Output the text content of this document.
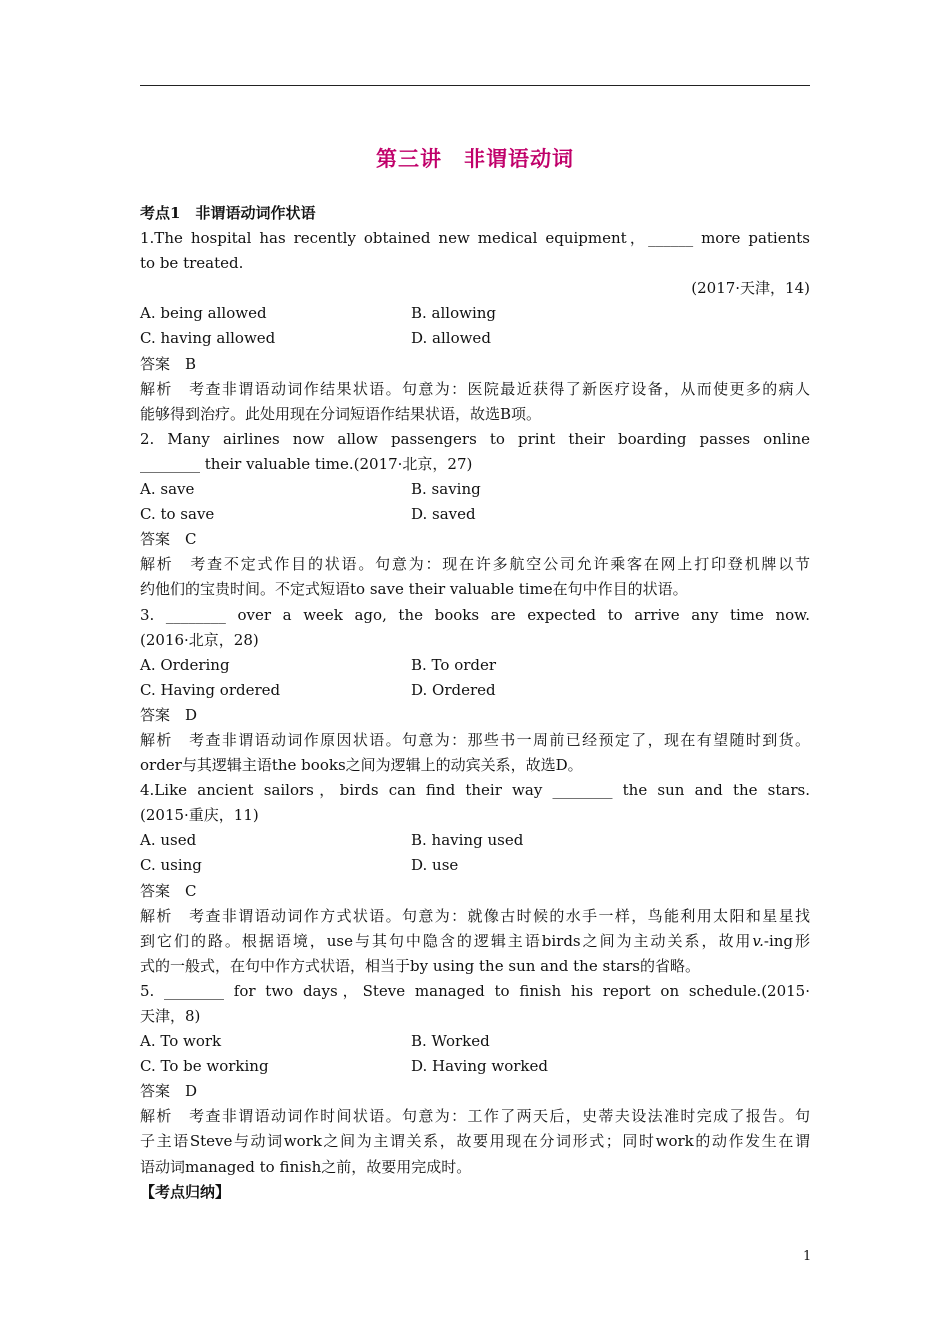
第三讲　非谓语动词
考点1　非谓语动词作状语
1.The hospital has recently obtained new medical equipment，______ more patients
to be treated.
(2017·天津，14)
A. being allowed	B. allowing
C. having allowed	D. allowed
答案　B
解析　考查非谓语动词作结果状语。句意为：医院最近获得了新医疗设备，从而使更多的病人
能够得到治疗。此处用现在分词短语作结果状语，故选B项。
2. Many airlines now allow passengers to print their boarding passes online
________ their valuable time.(2017·北京，27)
A. save	B. saving
C. to save	D. saved
答案　C
解析　考查不定式作目的状语。句意为：现在许多航空公司允许乘客在网上打印登机牌以节
约他们的宝贵时间。不定式短语to save their valuable time在句中作目的状语。
3. ________ over a week ago, the books are expected to arrive any time now.
(2016·北京，28)
A. Ordering	B. To order
C. Having ordered	D. Ordered
答案　D
解析　考查非谓语动词作原因状语。句意为：那些书一周前已经预定了，现在有望随时到货。
order与其逻辑主语the books之间为逻辑上的动宾关系，故选D。
4.Like ancient sailors，birds can find their way ________ the sun and the stars.
(2015·重庆，11)
A. used	B. having used
C. using	D. use
答案　C
解析　考查非谓语动词作方式状语。句意为：就像古时候的水手一样，鸟能利用太阳和星星找
到它们的路。根据语境，use与其句中隐含的逻辑主语birds之间为主动关系，故用v.-ing形
式的一般式，在句中作方式状语，相当于by using the sun and the stars的省略。
5. ________ for two days，Steve managed to finish his report on schedule.(2015·
天津，8)
A. To work	B. Worked
C. To be working	D. Having worked
答案　D
解析　考查非谓语动词作时间状语。句意为：工作了两天后，史蒂夫设法准时完成了报告。句
子主语Steve与动词work之间为主谓关系，故要用现在分词形式；同时work的动作发生在谓
语动词managed to finish之前，故要用完成时。
【考点归纳】
1
